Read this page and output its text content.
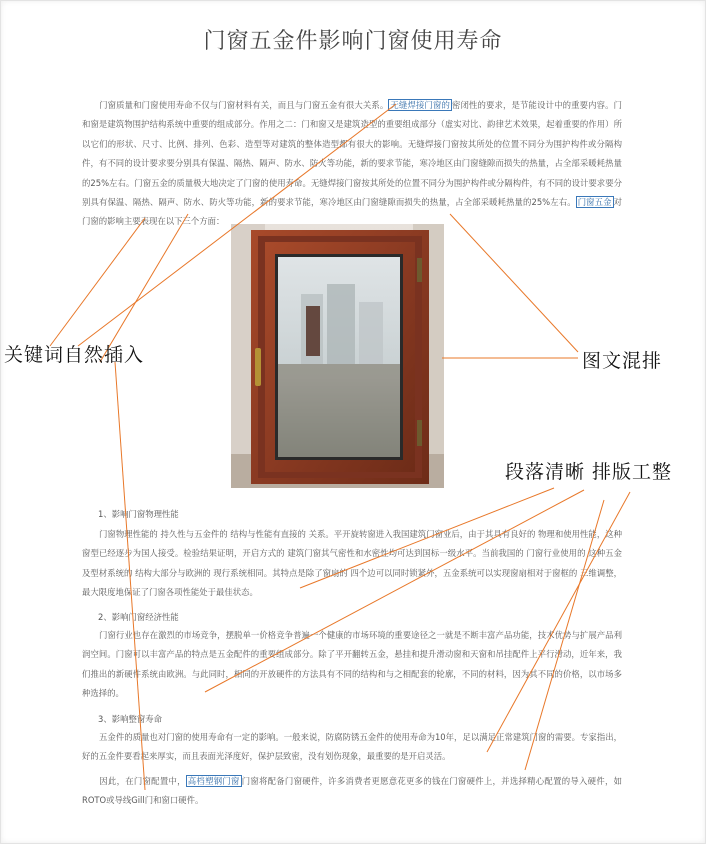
门窗五金件影响门窗使用寿命
门窗质量和门窗使用寿命不仅与门窗材料有关，而且与门窗五金有很大关系。 无缝焊接门窗的 密闭性的要求，是节能设计中的重要内容。门和窗是建筑物围护结构系统中重要的组成部分。作用之二：门和窗又是建筑造型的重要组成部分（虚实对比、韵律艺术效果，起着重要的作用）所以它们的形状、尺寸、比例、排列、色彩、造型等对建筑的整体造型都有很大的影响。无缝焊接门窗按其所处的位置不同分为围护构件或分隔构件，有不同的设计要求要分别具有保温、隔热、隔声、防水、防火等功能，新的要求节能，寒冷地区由门窗缝隙而损失的热量，占全部采暖耗热量的25%左右。门窗五金的质量极大地决定了门窗的使用寿命。无缝焊接门窗按其所处的位置不同分为围护构件或分隔构件，有不同的设计要求要分别具有保温、隔热、隔声、防水、防火等功能，新的要求节能，寒冷地区由门窗缝隙而损失的热量，占全部采暖耗热量的25%左右。 门窗五金 对门窗的影响主要表现在以下三个方面：
1、影响门窗物理性能
门窗物理性能的 持久性与五金件的 结构与性能有直接的 关系。平开旋转窗进入我国建筑门窗业后，由于其具有良好的 物理和使用性能，这种窗型已经逐步为国人接受。检验结果证明，开启方式的 建筑门窗其气密性和水密性均可达到国标一级水平。当前我国的 门窗行业使用的 这种五金及型材系统的 结构大部分与欧洲的 现行系统相同。其特点是除了窗扇的 四个边可以同时锁紧外，五金系统可以实现窗扇相对于窗框的 三维调整，最大限度地保证了门窗各项性能处于最佳状态。
2、影响门窗经济性能
门窗行业也存在激烈的市场竞争，摆脱单一价格竞争普遍一个健康的市场环境的重要途径之一就是不断丰富产品功能，技术优势与扩展产品利润空间。门窗可以丰富产品的特点是五金配件的重要组成部分。除了平开翻转五金，悬挂和提升滑动窗和天窗和吊挂配件上平行滑动，近年来，我们推出的新硬件系统由欧洲。与此同时，相同的开放硬件的方法具有不同的结构和与之相配套的轮廓，不同的材料，因为其不同的价格，以市场多种选择的。
3、影响整窗寿命
五金件的质量也对门窗的使用寿命有一定的影响。一般来说，防腐防锈五金件的使用寿命为10年，足以满足正常建筑门窗的需要。专家指出，好的五金件要看起来厚实，而且表面光泽度好，保护层致密，没有划伤现象，最重要的是开启灵活。
因此，在门窗配置中， 高档塑钢门窗 门窗将配备门窗硬件，许多消费者更愿意花更多的钱在门窗硬件上，并选择精心配置的导入硬件，如ROTO或导线Gill门和窗口硬件。
关键词自然插入	图文混排
段落清晰 排版工整
